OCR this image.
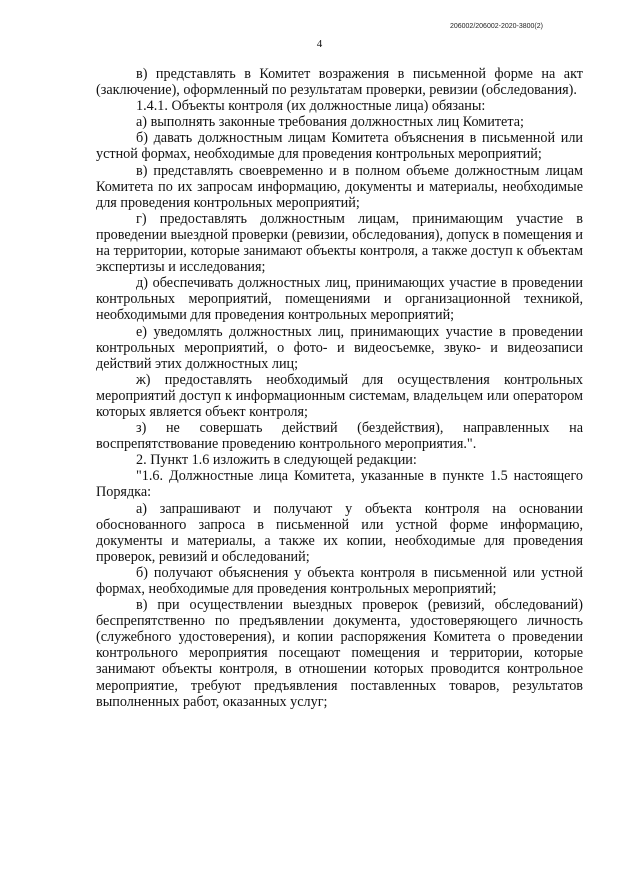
206002/206002-2020-3800(2)
4

в) представлять в Комитет возражения в письменной форме на акт (заключение), оформленный по результатам проверки, ревизии (обследования).

1.4.1. Объекты контроля (их должностные лица) обязаны:

а) выполнять законные требования должностных лиц Комитета;

б) давать должностным лицам Комитета объяснения в письменной или устной формах, необходимые для проведения контрольных мероприятий;

в) представлять своевременно и в полном объеме должностным лицам Комитета по их запросам информацию, документы и материалы, необходимые для проведения контрольных мероприятий;

г) предоставлять должностным лицам, принимающим участие в проведении выездной проверки (ревизии, обследования), допуск в помещения и на территории, которые занимают объекты контроля, а также доступ к объектам экспертизы и исследования;

д) обеспечивать должностных лиц, принимающих участие в проведении контрольных мероприятий, помещениями и организационной техникой, необходимыми для проведения контрольных мероприятий;

е) уведомлять должностных лиц, принимающих участие в проведении контрольных мероприятий, о фото- и видеосъемке, звуко- и видеозаписи действий этих должностных лиц;

ж) предоставлять необходимый для осуществления контрольных мероприятий доступ к информационным системам, владельцем или оператором которых является объект контроля;

з) не совершать действий (бездействия), направленных на воспрепятствование проведению контрольного мероприятия.".

2. Пункт 1.6 изложить в следующей редакции:

"1.6. Должностные лица Комитета, указанные в пункте 1.5 настоящего Порядка:

а) запрашивают и получают у объекта контроля на основании обоснованного запроса в письменной или устной форме информацию, документы и материалы, а также их копии, необходимые для проведения проверок, ревизий и обследований;

б) получают объяснения у объекта контроля в письменной или устной формах, необходимые для проведения контрольных мероприятий;

в) при осуществлении выездных проверок (ревизий, обследований) беспрепятственно по предъявлении документа, удостоверяющего личность (служебного удостоверения), и копии распоряжения Комитета о проведении контрольного мероприятия посещают помещения и территории, которые занимают объекты контроля, в отношении которых проводится контрольное мероприятие, требуют предъявления поставленных товаров, результатов выполненных работ, оказанных услуг;
